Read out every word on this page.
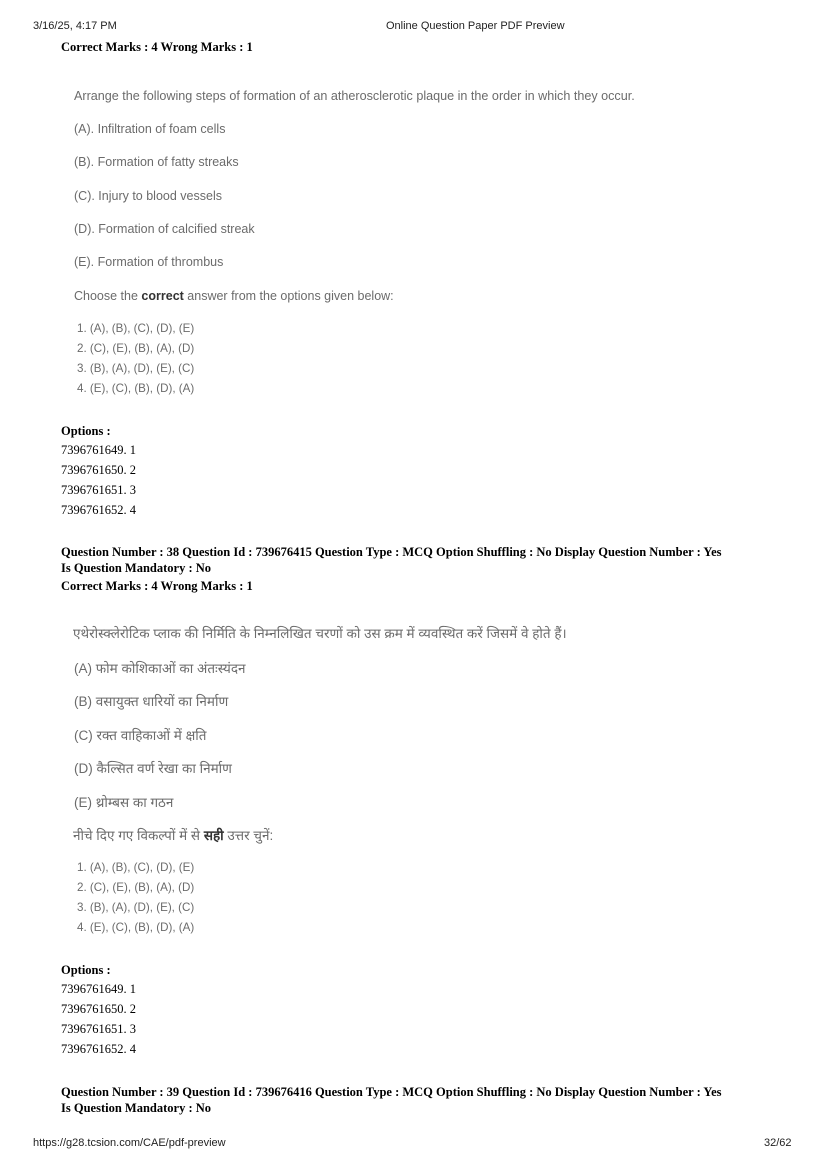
3/16/25, 4:17 PM	Online Question Paper PDF Preview
Correct Marks : 4 Wrong Marks : 1
Arrange the following steps of formation of an atherosclerotic plaque in the order in which they occur.
(A). Infiltration of foam cells
(B). Formation of fatty streaks
(C). Injury to blood vessels
(D). Formation of calcified streak
(E). Formation of thrombus
Choose the correct answer from the options given below:
1. (A), (B), (C), (D), (E)
2. (C), (E), (B), (A), (D)
3. (B), (A), (D), (E), (C)
4. (E), (C), (B), (D), (A)
Options :
7396761649. 1
7396761650. 2
7396761651. 3
7396761652. 4
Question Number : 38 Question Id : 739676415 Question Type : MCQ Option Shuffling : No Display Question Number : Yes
Is Question Mandatory : No
Correct Marks : 4 Wrong Marks : 1
एथेरोस्क्लेरोटिक प्लाक की निर्मिति के निम्नलिखित चरणों को उस क्रम में व्यवस्थित करें जिसमें वे होते हैं।
(A) फोम कोशिकाओं का अंतःस्यंदन
(B) वसायुक्त धारियों का निर्माण
(C) रक्त वाहिकाओं में क्षति
(D) कैल्सित वर्ण रेखा का निर्माण
(E) थ्रोम्बस का गठन
नीचे दिए गए विकल्पों में से सही उत्तर चुनें:
1. (A), (B), (C), (D), (E)
2. (C), (E), (B), (A), (D)
3. (B), (A), (D), (E), (C)
4. (E), (C), (B), (D), (A)
Options :
7396761649. 1
7396761650. 2
7396761651. 3
7396761652. 4
Question Number : 39 Question Id : 739676416 Question Type : MCQ Option Shuffling : No Display Question Number : Yes
Is Question Mandatory : No
https://g28.tcsion.com/CAE/pdf-preview	32/62
